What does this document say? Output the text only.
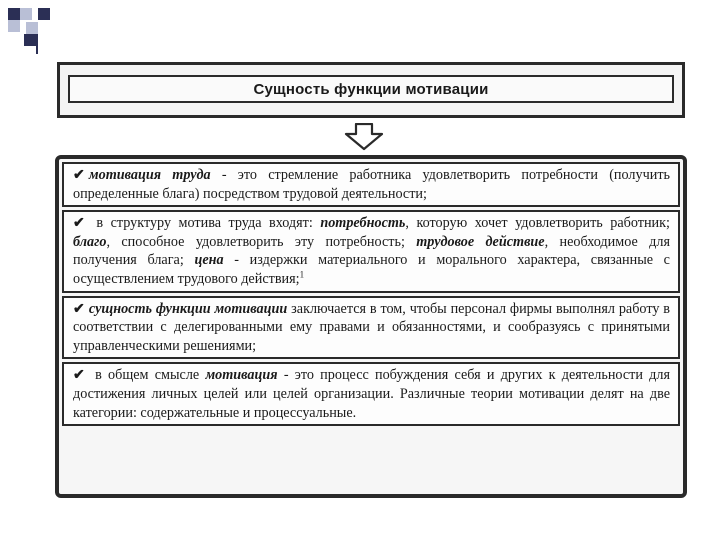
Сущность функции мотивации
✔ мотивация труда - это стремление работника удовлетворить потребности (получить определенные блага) посредством трудовой деятельности;
✔ в структуру мотива труда входят: потребность, которую хочет удовлетворить работник; благо, способное удовлетворить эту потребность; трудовое действие, необходимое для получения блага; цена - издержки материального и морального характера, связанные с осуществлением трудового действия;$^1$
✔ сущность функции мотивации заключается в том, чтобы персонал фирмы выполнял работу в соответствии с делегированными ему правами и обязанностями, и сообразуясь с принятыми управленческими решениями;
✔ в общем смысле мотивация - это процесс побуждения себя и других к деятельности для достижения личных целей или целей организации. Различные теории мотивации делят на две категории: содержательные и процессуальные.
